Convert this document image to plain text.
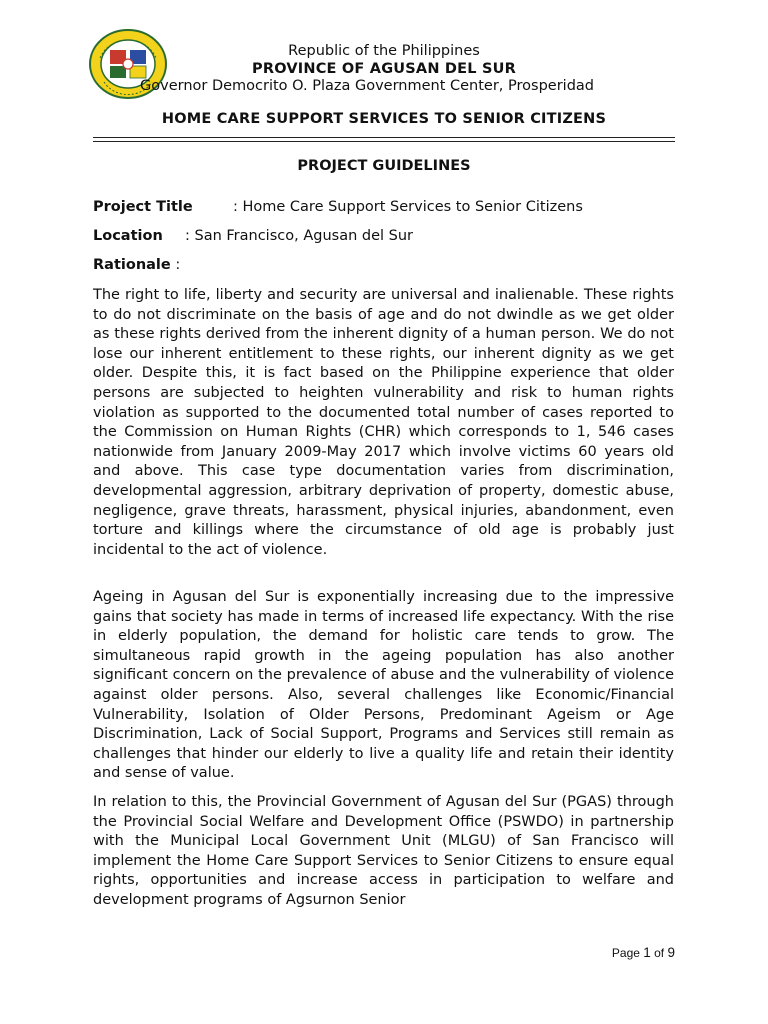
Republic of the Philippines
PROVINCE OF AGUSAN DEL SUR
Governor Democrito O. Plaza Government Center, Prosperidad
HOME CARE SUPPORT SERVICES TO SENIOR CITIZENS
PROJECT GUIDELINES
Project Title	: Home Care Support Services to Senior Citizens
Location : San Francisco, Agusan del Sur
Rationale :

The right to life, liberty and security are universal and inalienable. These rights to do not discriminate on the basis of age and do not dwindle as we get older as these rights derived from the inherent dignity of a human person. We do not lose our inherent entitlement to these rights, our inherent dignity as we get older. Despite this, it is fact based on the Philippine experience that older persons are subjected to heighten vulnerability and risk to human rights violation as supported to the documented total number of cases reported to the Commission on Human Rights (CHR) which corresponds to 1, 546 cases nationwide from January 2009-May 2017 which involve victims 60 years old and above. This case type documentation varies from discrimination, developmental aggression, arbitrary deprivation of property, domestic abuse, negligence, grave threats, harassment, physical injuries, abandonment, even torture and killings where the circumstance of old age is probably just incidental to the act of violence.

Ageing in Agusan del Sur is exponentially increasing due to the impressive gains that society has made in terms of increased life expectancy. With the rise in elderly population, the demand for holistic care tends to grow. The simultaneous rapid growth in the ageing population has also another significant concern on the prevalence of abuse and the vulnerability of violence against older persons. Also, several challenges like Economic/Financial Vulnerability, Isolation of Older Persons, Predominant Ageism or Age Discrimination, Lack of Social Support, Programs and Services still remain as challenges that hinder our elderly to live a quality life and retain their identity and sense of value.

In relation to this, the Provincial Government of Agusan del Sur (PGAS) through the Provincial Social Welfare and Development Office (PSWDO) in partnership with the Municipal Local Government Unit (MLGU) of San Francisco will implement the Home Care Support Services to Senior Citizens to ensure equal rights, opportunities and increase access in participation to welfare and development programs of Agsurnon Senior

Page 1 of 9
